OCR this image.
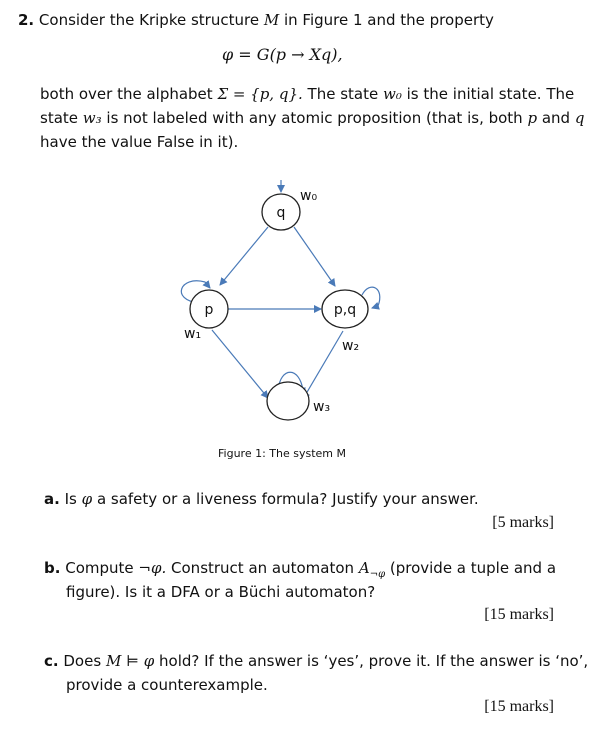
2. Consider the Kripke structure M in Figure 1 and the property
φ = G(p → Xq),
both over the alphabet Σ = {p, q}. The state w₀ is the initial state. The
state w₃ is not labeled with any atomic proposition (that is, both p and q
have the value False in it).
q
p	p,q
w₀
w₁
w₂
w₃
Figure 1: The system M
a. Is φ a safety or a liveness formula? Justify your answer.
[5 marks]
b. Compute ¬φ. Construct an automaton $A_{\neg\varphi}$ (provide a tuple and a
figure). Is it a DFA or a Büchi automaton?
[15 marks]
c. Does M ⊨ φ hold? If the answer is ‘yes’, prove it. If the answer is ‘no’,
provide a counterexample.
[15 marks]
